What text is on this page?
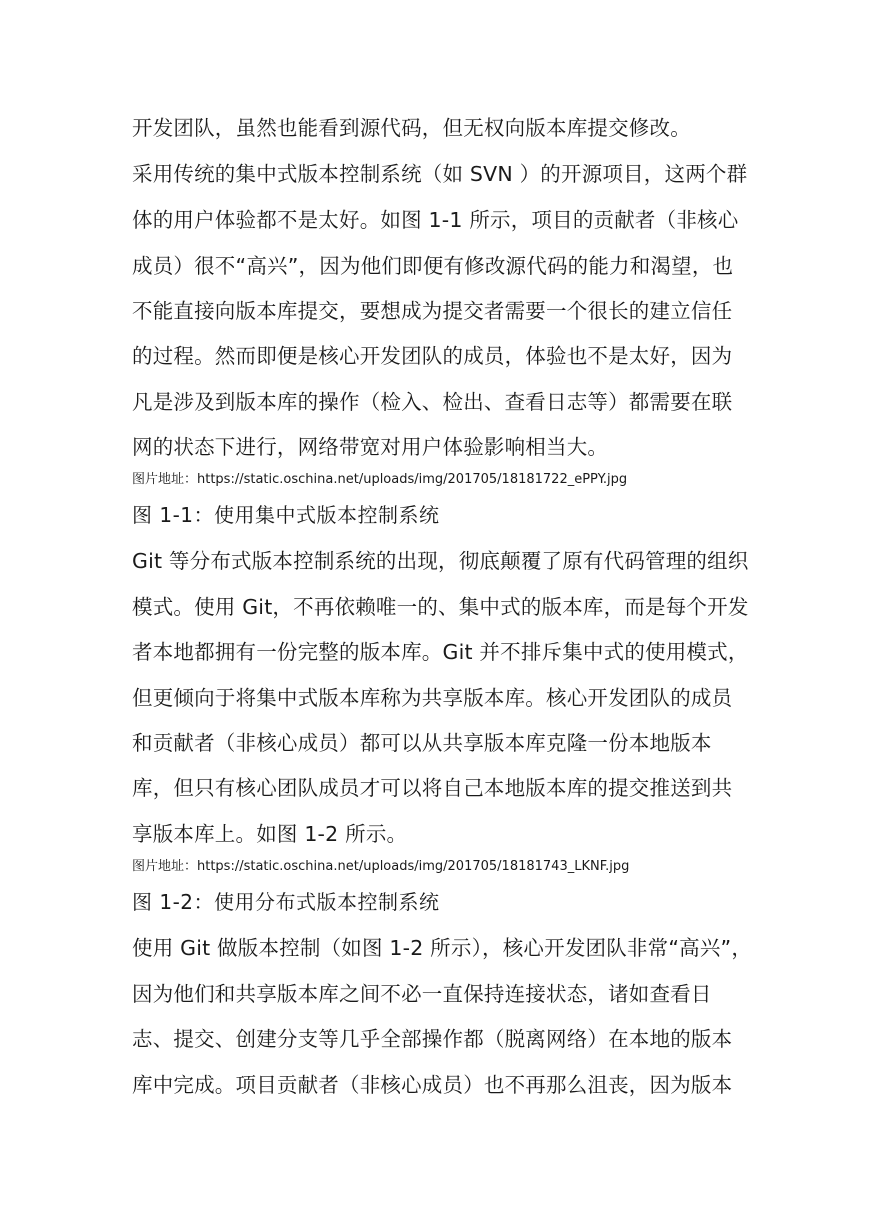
开发团队，虽然也能看到源代码，但无权向版本库提交修改。
采用传统的集中式版本控制系统（如 SVN ）的开源项目，这两个群
体的用户体验都不是太好。如图 1-1 所示，项目的贡献者（非核心
成员）很不“高兴”，因为他们即便有修改源代码的能力和渴望，也
不能直接向版本库提交，要想成为提交者需要一个很长的建立信任
的过程。然而即便是核心开发团队的成员，体验也不是太好，因为
凡是涉及到版本库的操作（检入、检出、查看日志等）都需要在联
网的状态下进行，网络带宽对用户体验影响相当大。
图片地址：https://static.oschina.net/uploads/img/201705/18181722_ePPY.jpg
图 1-1：使用集中式版本控制系统
Git 等分布式版本控制系统的出现，彻底颠覆了原有代码管理的组织
模式。使用 Git，不再依赖唯一的、集中式的版本库，而是每个开发
者本地都拥有一份完整的版本库。Git 并不排斥集中式的使用模式，
但更倾向于将集中式版本库称为共享版本库。核心开发团队的成员
和贡献者（非核心成员）都可以从共享版本库克隆一份本地版本
库，但只有核心团队成员才可以将自己本地版本库的提交推送到共
享版本库上。如图 1-2 所示。
图片地址：https://static.oschina.net/uploads/img/201705/18181743_LKNF.jpg
图 1-2：使用分布式版本控制系统
使用 Git 做版本控制（如图 1-2 所示），核心开发团队非常“高兴”，
因为他们和共享版本库之间不必一直保持连接状态，诸如查看日
志、提交、创建分支等几乎全部操作都（脱离网络）在本地的版本
库中完成。项目贡献者（非核心成员）也不再那么沮丧，因为版本
